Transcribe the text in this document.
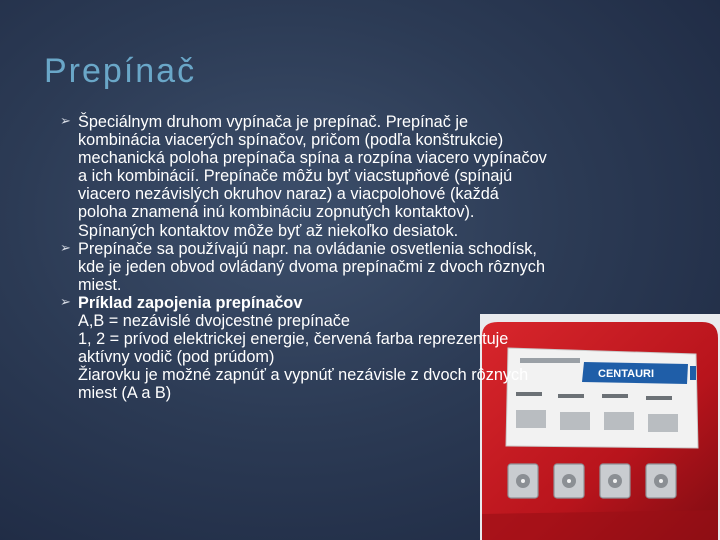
Prepínač
CENTAURI

➢ Špeciálnym druhom vypínača je prepínač. Prepínač je
kombinácia viacerých spínačov, pričom (podľa konštrukcie)
mechanická poloha prepínača spína a rozpína viacero vypínačov
a ich kombinácií. Prepínače môžu byť viacstupňové (spínajú
viacero nezávislých okruhov naraz) a viacpolohové (každá
poloha znamená inú kombináciu zopnutých kontaktov).
Spínaných kontaktov môže byť až niekoľko desiatok.

➢ Prepínače sa používajú napr. na ovládanie osvetlenia schodísk,
kde je jeden obvod ovládaný dvoma prepínačmi z dvoch rôznych
miest.

➢ Príklad zapojenia prepínačov
A,B = nezávislé dvojcestné prepínače
1, 2 = prívod elektrickej energie, červená farba reprezentuje
aktívny vodič (pod prúdom)
Žiarovku je možné zapnúť a vypnúť nezávisle z dvoch rôznych
miest (A a B)
